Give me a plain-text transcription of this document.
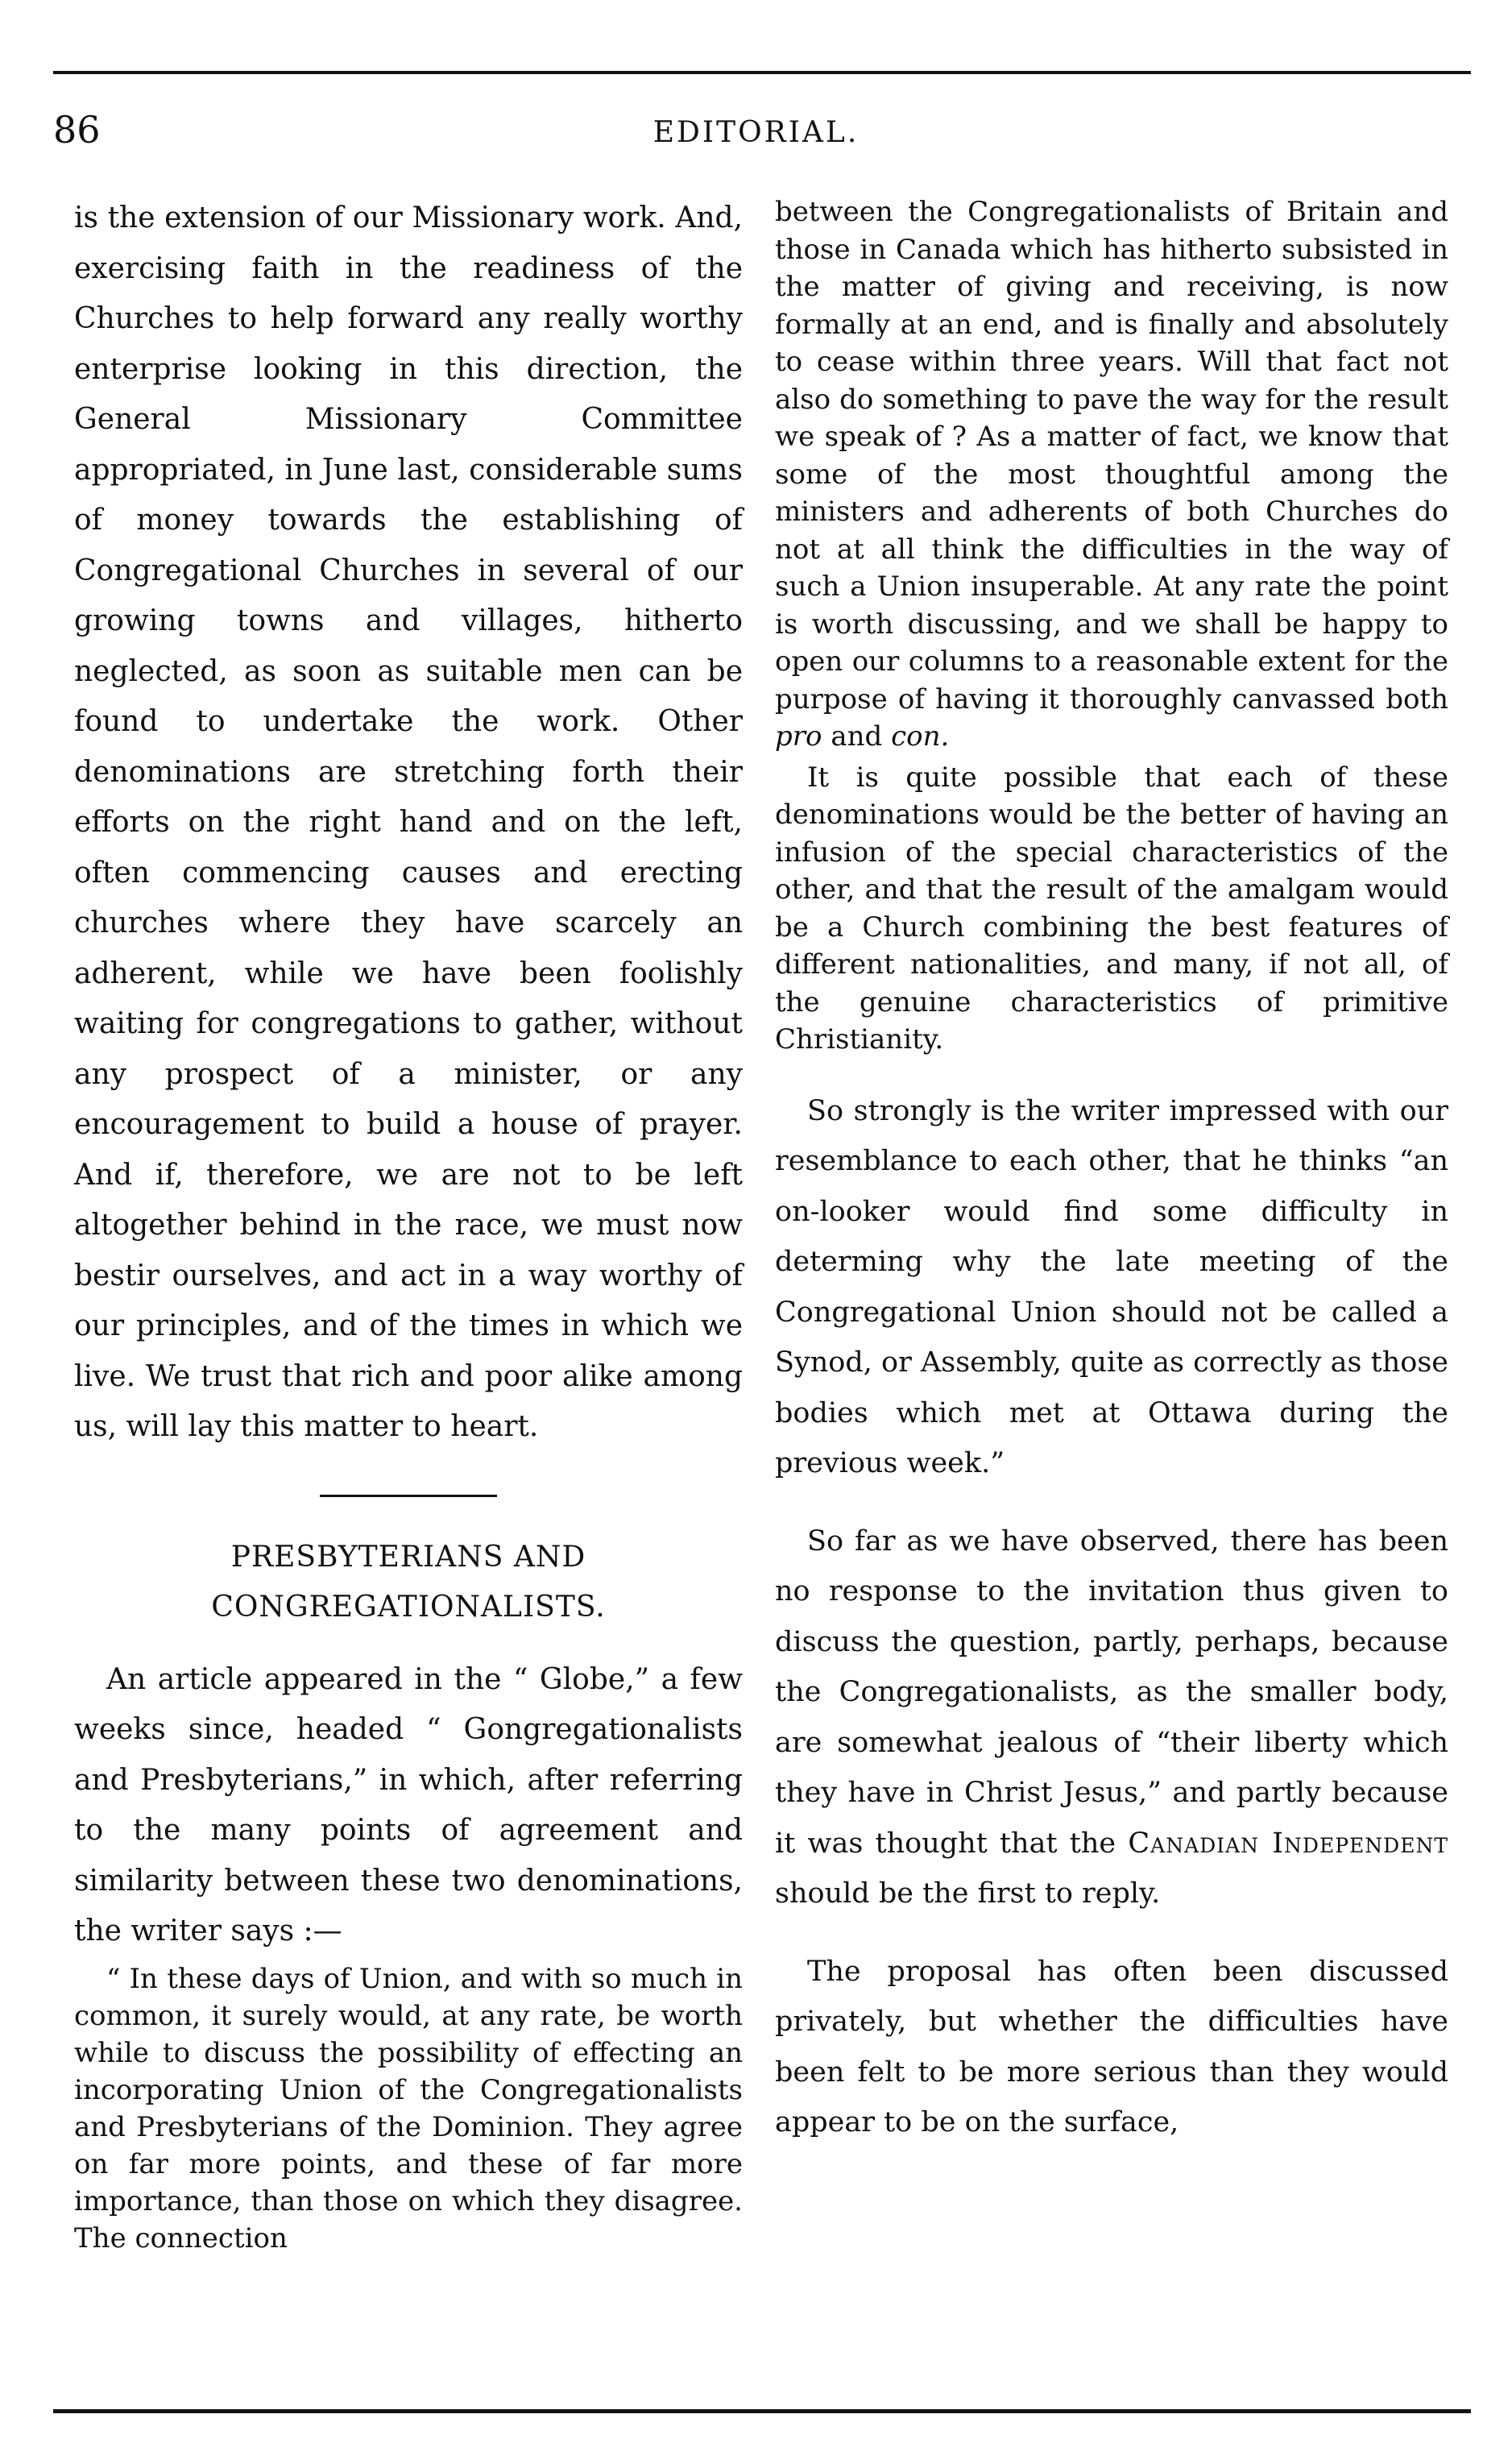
86	EDITORIAL.

is the extension of our Missionary work. And, exercising faith in the readiness of the Churches to help forward any really worthy enterprise looking in this direction, the General Missionary Committee appropriated, in June last, considerable sums of money towards the establishing of Congregational Churches in several of our growing towns and villages, hitherto neglected, as soon as suitable men can be found to undertake the work. Other denominations are stretching forth their efforts on the right hand and on the left, often commencing causes and erecting churches where they have scarcely an adherent, while we have been foolishly waiting for congregations to gather, without any prospect of a minister, or any encouragement to build a house of prayer. And if, therefore, we are not to be left altogether behind in the race, we must now bestir ourselves, and act in a way worthy of our principles, and of the times in which we live. We trust that rich and poor alike among us, will lay this matter to heart.

PRESBYTERIANS AND CONGREGATIONALISTS.

An article appeared in the “ Globe,” a few weeks since, headed “ Gongregationalists and Presbyterians,” in which, after referring to the many points of agreement and similarity between these two denominations, the writer says :—

“ In these days of Union, and with so much in common, it surely would, at any rate, be worth while to discuss the possibility of effecting an incorporating Union of the Congregationalists and Presbyterians of the Dominion. They agree on far more points, and these of far more importance, than those on which they disagree. The connection

between the Congregationalists of Britain and those in Canada which has hitherto subsisted in the matter of giving and receiving, is now formally at an end, and is finally and absolutely to cease within three years. Will that fact not also do something to pave the way for the result we speak of ? As a matter of fact, we know that some of the most thoughtful among the ministers and adherents of both Churches do not at all think the difficulties in the way of such a Union insuperable. At any rate the point is worth discussing, and we shall be happy to open our columns to a reasonable extent for the purpose of having it thoroughly canvassed both pro and con.

It is quite possible that each of these denominations would be the better of having an infusion of the special characteristics of the other, and that the result of the amalgam would be a Church combining the best features of different nationalities, and many, if not all, of the genuine characteristics of primitive Christianity.

So strongly is the writer impressed with our resemblance to each other, that he thinks “an on-looker would find some difficulty in determing why the late meeting of the Congregational Union should not be called a Synod, or Assembly, quite as correctly as those bodies which met at Ottawa during the previous week.”

So far as we have observed, there has been no response to the invitation thus given to discuss the question, partly, perhaps, because the Congregationalists, as the smaller body, are somewhat jealous of “their liberty which they have in Christ Jesus,” and partly because it was thought that the Canadian Independent should be the first to reply.

The proposal has often been discussed privately, but whether the difficulties have been felt to be more serious than they would appear to be on the surface,
